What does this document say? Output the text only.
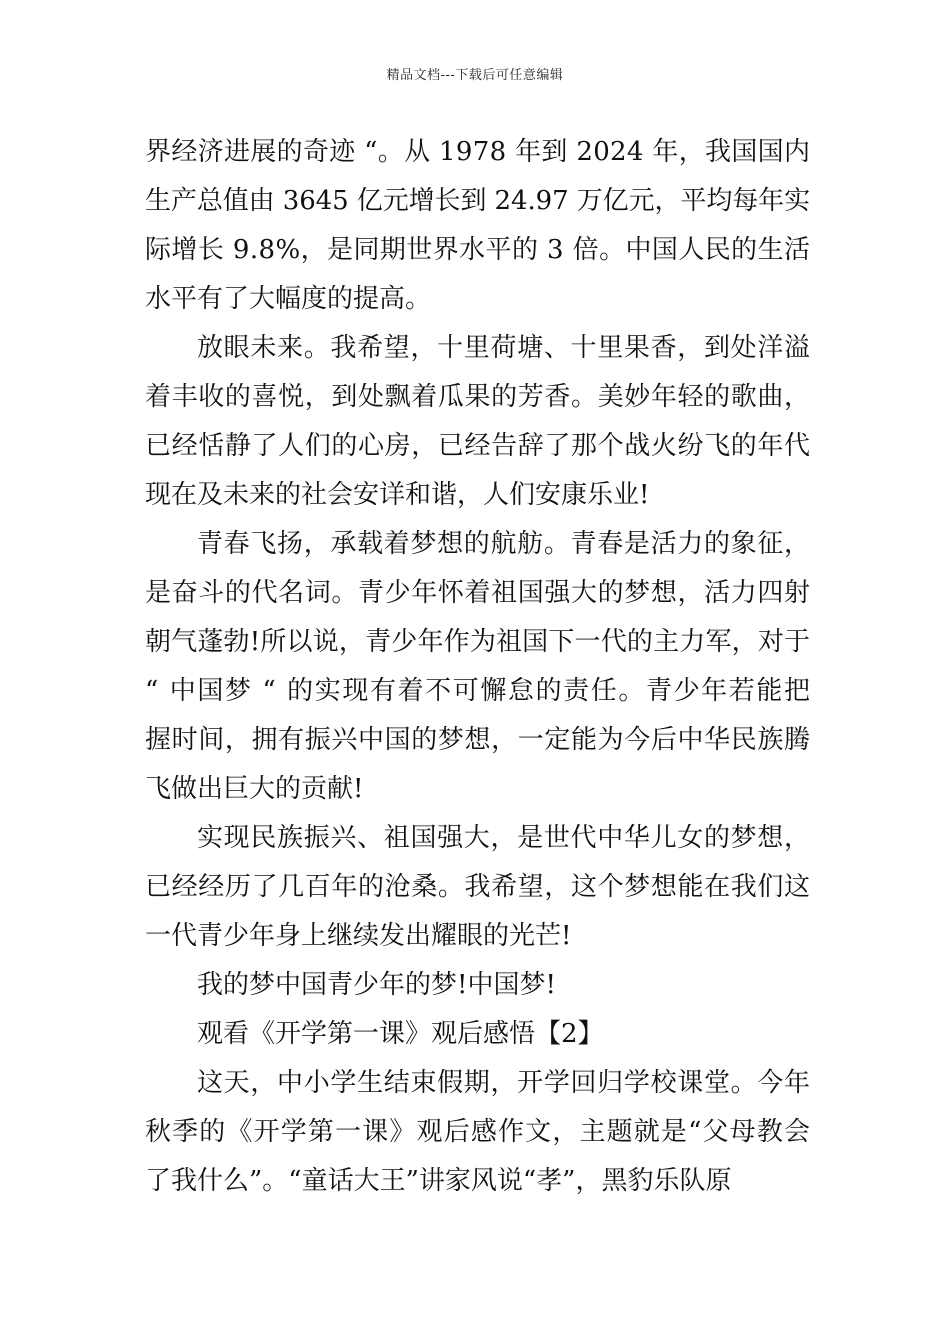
精品文档---下载后可任意编辑
界经济进展的奇迹 “。从 1978 年到 2024 年，我国国内
生产总值由 3645 亿元增长到 24.97 万亿元，平均每年实
际增长 9.8%，是同期世界水平的 3 倍。中国人民的生活
水平有了大幅度的提高。
放眼未来。我希望，十里荷塘、十里果香，到处洋溢
着丰收的喜悦，到处飘着瓜果的芳香。美妙年轻的歌曲，
已经恬静了人们的心房，已经告辞了那个战火纷飞的年代
现在及未来的社会安详和谐，人们安康乐业!
青春飞扬，承载着梦想的航舫。青春是活力的象征，
是奋斗的代名词。青少年怀着祖国强大的梦想，活力四射
朝气蓬勃!所以说，青少年作为祖国下一代的主力军，对于
“ 中国梦 “ 的实现有着不可懈怠的责任。青少年若能把
握时间，拥有振兴中国的梦想，一定能为今后中华民族腾
飞做出巨大的贡献!
实现民族振兴、祖国强大，是世代中华儿女的梦想，
已经经历了几百年的沧桑。我希望，这个梦想能在我们这
一代青少年身上继续发出耀眼的光芒!
我的梦中国青少年的梦!中国梦!
观看《开学第一课》观后感悟【2】
这天，中小学生结束假期，开学回归学校课堂。今年
秋季的《开学第一课》观后感作文，主题就是“父母教会
了我什么”。“童话大王”讲家风说“孝”，黑豹乐队原
